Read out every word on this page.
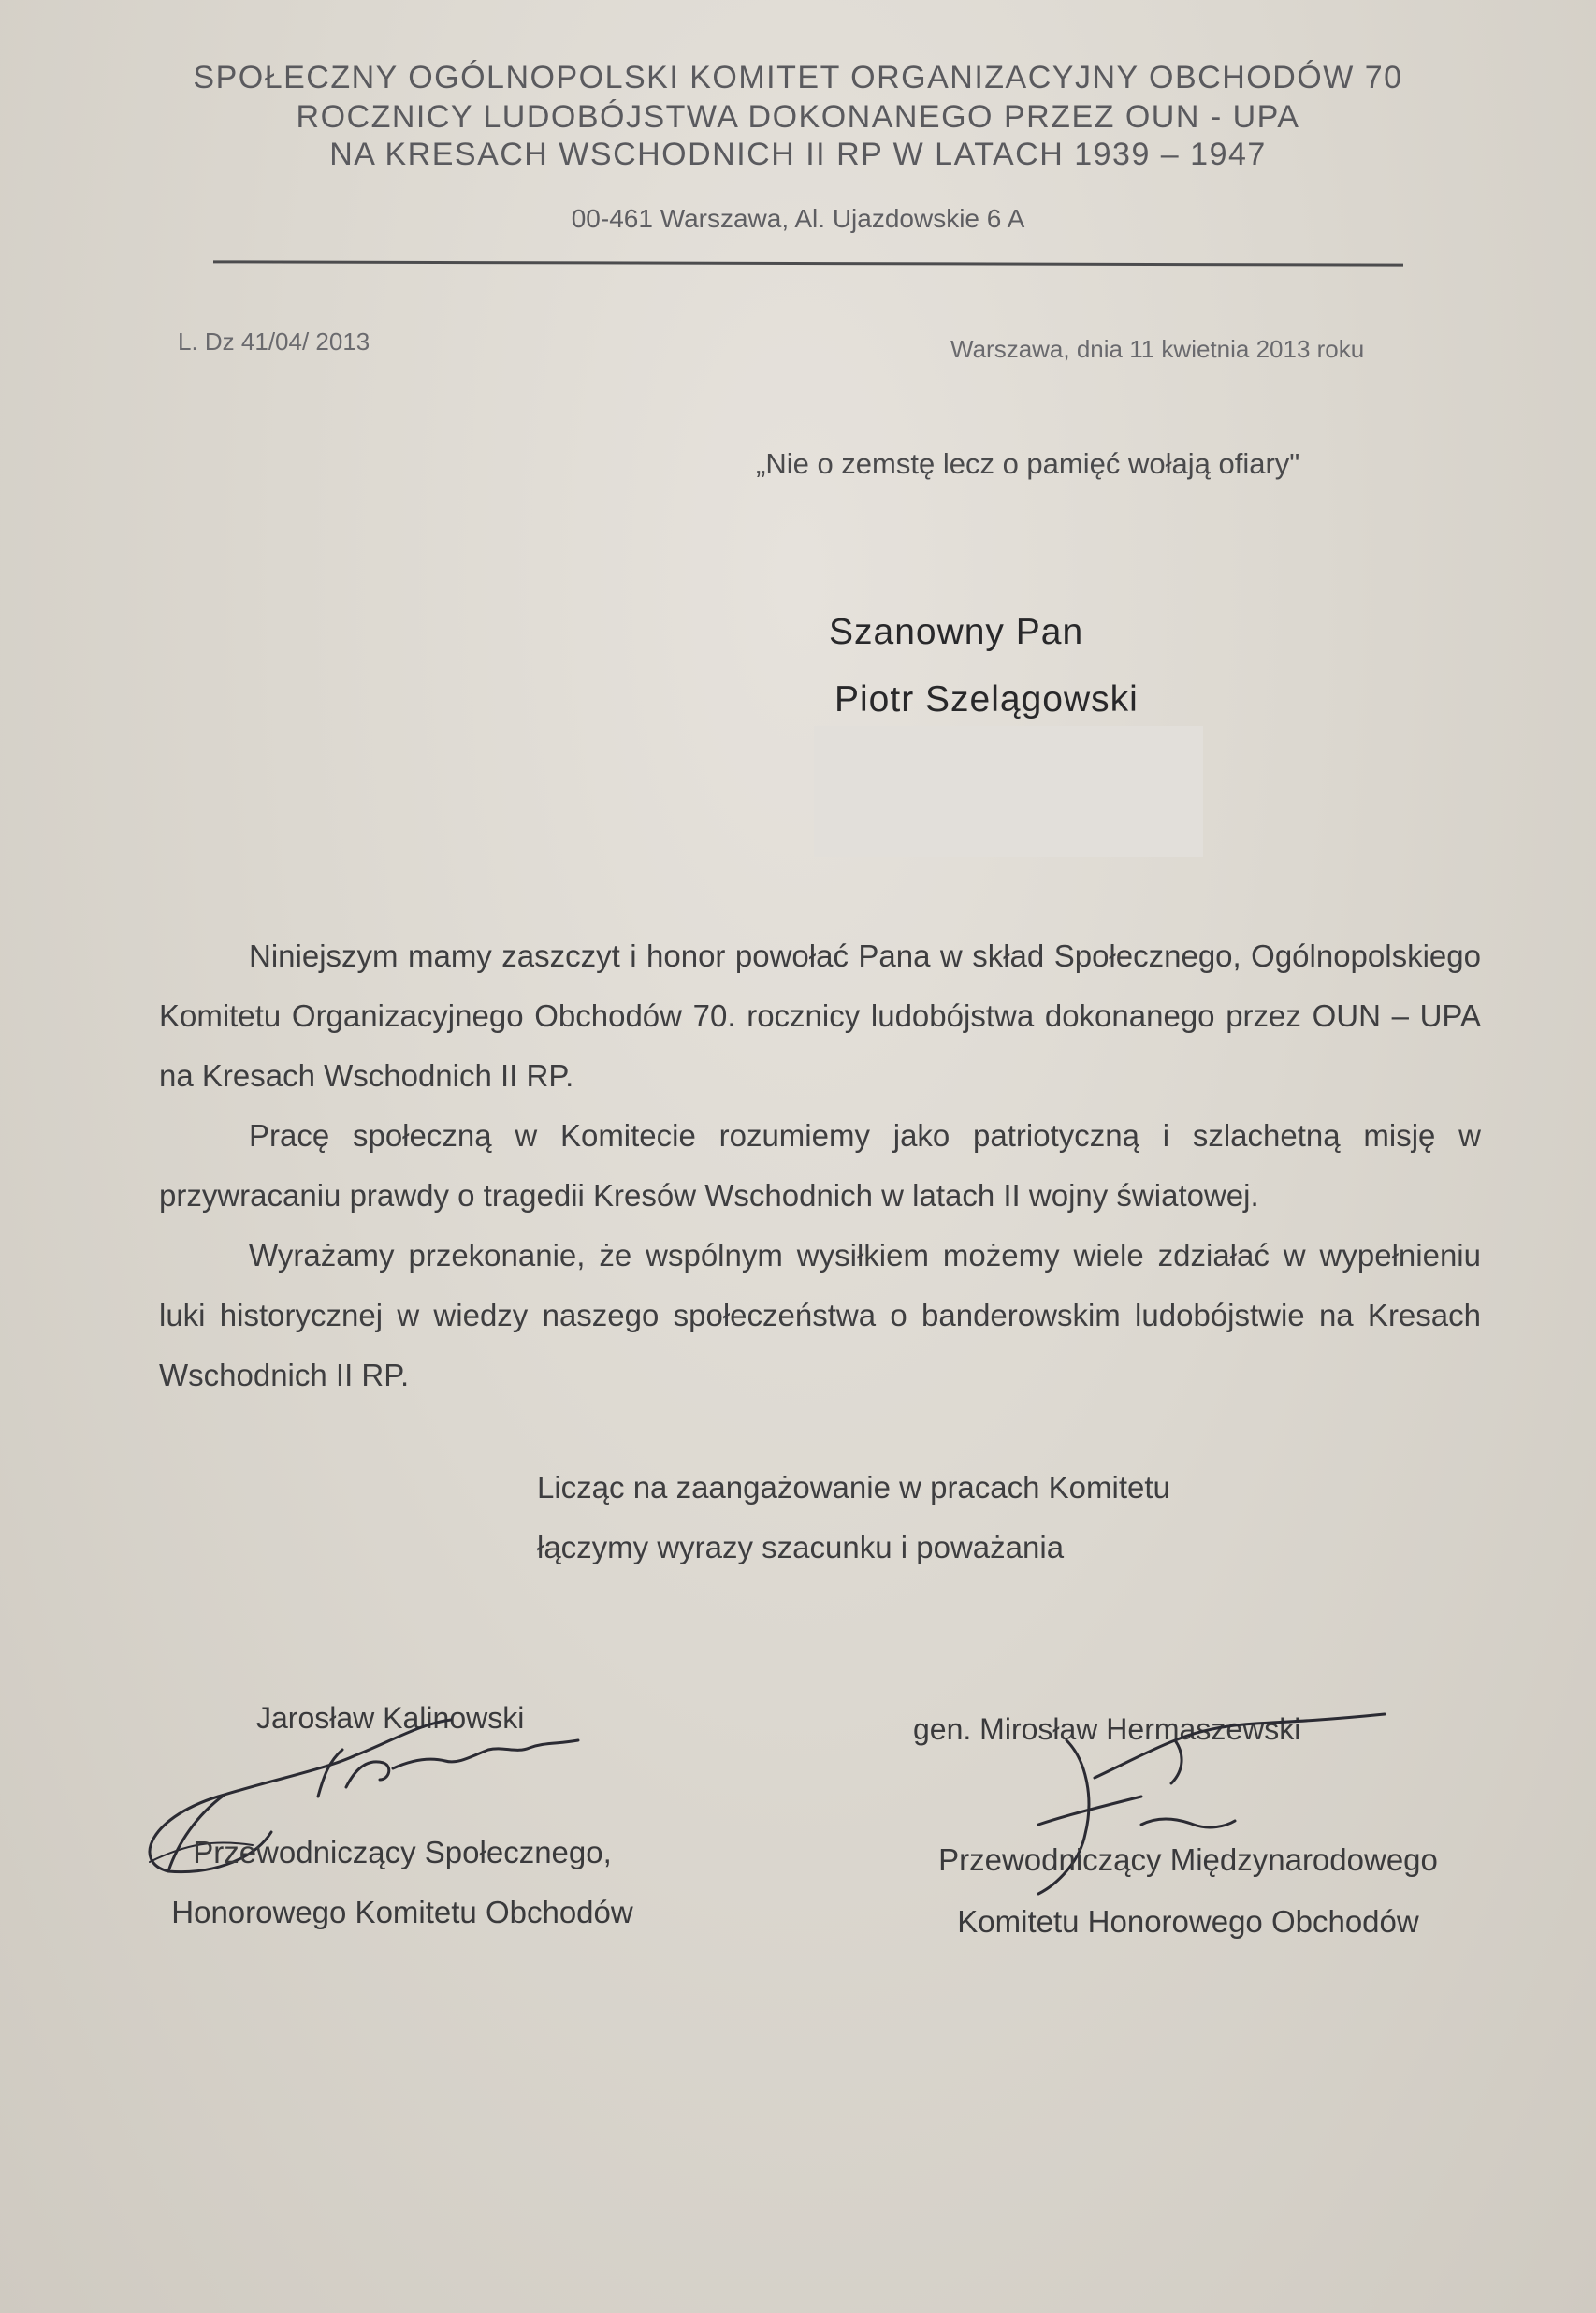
SPOŁECZNY OGÓLNOPOLSKI KOMITET ORGANIZACYJNY OBCHODÓW 70
ROCZNICY LUDOBÓJSTWA DOKONANEGO PRZEZ OUN - UPA
NA KRESACH WSCHODNICH II RP W LATACH 1939 – 1947
00-461 Warszawa, Al. Ujazdowskie 6 A
L. Dz 41/04/ 2013	Warszawa, dnia 11 kwietnia 2013 roku
„Nie o zemstę lecz o pamięć wołają ofiary"
Szanowny Pan
Piotr Szelągowski

Niniejszym mamy zaszczyt i honor powołać Pana w skład Społecznego, Ogólnopolskiego Komitetu Organizacyjnego Obchodów 70. rocznicy ludobójstwa dokonanego przez OUN – UPA na Kresach Wschodnich II RP.

Pracę społeczną w Komitecie rozumiemy jako patriotyczną i szlachetną misję w przywracaniu prawdy o tragedii Kresów Wschodnich w latach II wojny światowej.

Wyrażamy przekonanie, że wspólnym wysiłkiem możemy wiele zdziałać w wypełnieniu luki historycznej w wiedzy naszego społeczeństwa o banderowskim ludobójstwie na Kresach Wschodnich II RP.

Licząc na zaangażowanie w pracach Komitetu
łączymy wyrazy szacunku i poważania
Jarosław Kalinowski
Przewodniczący Społecznego,
Honorowego Komitetu Obchodów
gen. Mirosław Hermaszewski
Przewodniczący Międzynarodowego
Komitetu Honorowego Obchodów
